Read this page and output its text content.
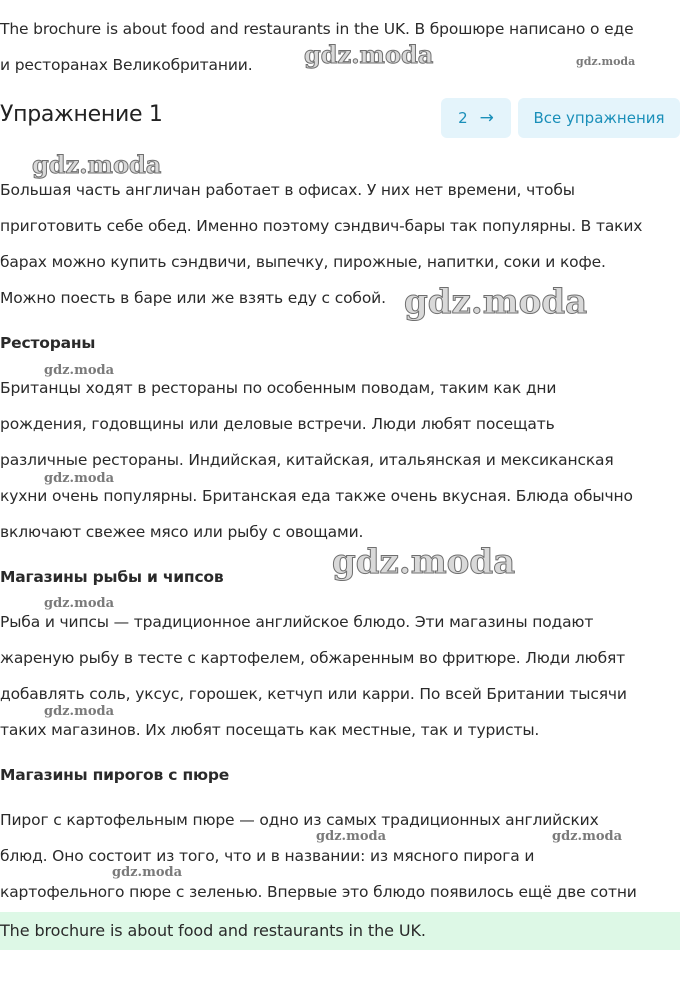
The brochure is about food and restaurants in the UK. В брошюре написано о еде
и ресторанах Великобритании.

Упражнение 1	2 →	Все упражнения

Большая часть англичан работает в офисах. У них нет времени, чтобы
приготовить себе обед. Именно поэтому сэндвич-бары так популярны. В таких
барах можно купить сэндвичи, выпечку, пирожные, напитки, соки и кофе.
Можно поесть в баре или же взять еду с собой.

Рестораны

Британцы ходят в рестораны по особенным поводам, таким как дни
рождения, годовщины или деловые встречи. Люди любят посещать
различные рестораны. Индийская, китайская, итальянская и мексиканская
кухни очень популярны. Британская еда также очень вкусная. Блюда обычно
включают свежее мясо или рыбу с овощами.

Магазины рыбы и чипсов

Рыба и чипсы — традиционное английское блюдо. Эти магазины подают
жареную рыбу в тесте с картофелем, обжаренным во фритюре. Люди любят
добавлять соль, уксус, горошек, кетчуп или карри. По всей Британии тысячи
таких магазинов. Их любят посещать как местные, так и туристы.

Магазины пирогов с пюре

Пирог с картофельным пюре — одно из самых традиционных английских
блюд. Оно состоит из того, что и в названии: из мясного пирога и
картофельного пюре с зеленью. Впервые это блюдо появилось ещё две сотни

The brochure is about food and restaurants in the UK.
gdz.moda	gdz.moda
gdz.moda
gdz.moda
gdz.moda
gdz.moda
gdz.moda
gdz.moda
gdz.moda
gdz.moda	gdz.moda
gdz.moda
